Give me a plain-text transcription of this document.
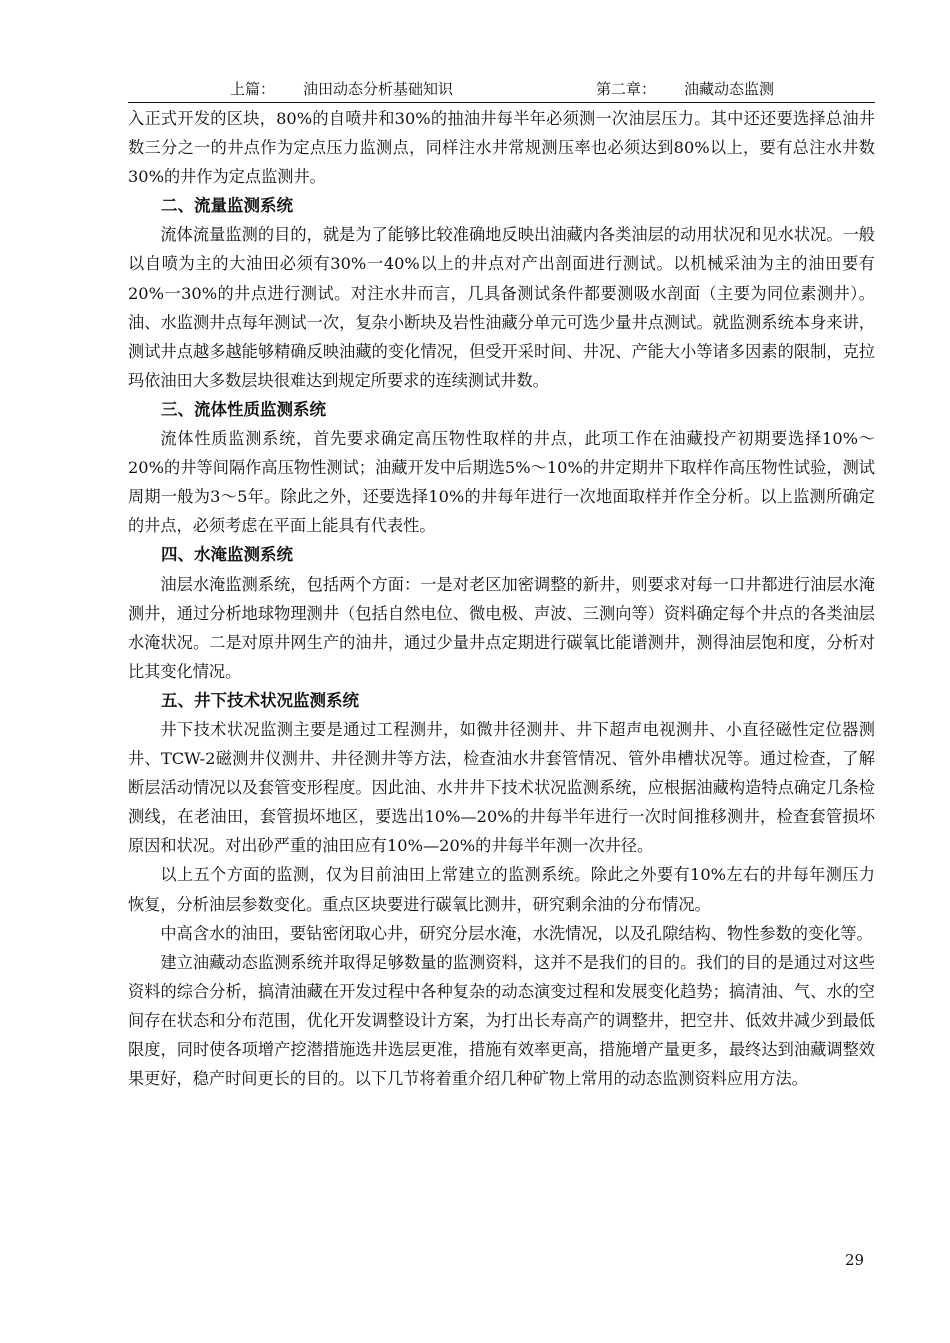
上篇： 油田动态分析基础知识	第二章： 油藏动态监测

入正式开发的区块，80%的自喷井和30%的抽油井每半年必须测一次油层压力。其中还还要选择总油井数三分之一的井点作为定点压力监测点，同样注水井常规测压率也必须达到80%以上，要有总注水井数30%的井作为定点监测井。

二、流量监测系统

流体流量监测的目的，就是为了能够比较准确地反映出油藏内各类油层的动用状况和见水状况。一般以自喷为主的大油田必须有30%一40%以上的井点对产出剖面进行测试。以机械采油为主的油田要有20%一30%的井点进行测试。对注水井而言，几具备测试条件都要测吸水剖面（主要为同位素测井）。油、水监测井点每年测试一次，复杂小断块及岩性油藏分单元可选少量井点测试。就监测系统本身来讲，测试井点越多越能够精确反映油藏的变化情况，但受开采时间、井况、产能大小等诸多因素的限制，克拉玛依油田大多数层块很难达到规定所要求的连续测试井数。

三、流体性质监测系统

流体性质监测系统，首先要求确定高压物性取样的井点，此项工作在油藏投产初期要选择10%～20%的井等间隔作高压物性测试；油藏开发中后期选5%～10%的井定期井下取样作高压物性试验，测试周期一般为3～5年。除此之外，还要选择10%的井每年进行一次地面取样并作全分析。以上监测所确定的井点，必须考虑在平面上能具有代表性。

四、水淹监测系统

油层水淹监测系统，包括两个方面：一是对老区加密调整的新井，则要求对每一口井都进行油层水淹测井，通过分析地球物理测井（包括自然电位、微电极、声波、三测向等）资料确定每个井点的各类油层水淹状况。二是对原井网生产的油井，通过少量井点定期进行碳氧比能谱测井，测得油层饱和度，分析对比其变化情况。

五、井下技术状况监测系统

井下技术状况监测主要是通过工程测井，如微井径测井、井下超声电视测井、小直径磁性定位器测井、TCW-2磁测井仪测井、井径测井等方法，检查油水井套管情况、管外串槽状况等。通过检查，了解断层活动情况以及套管变形程度。因此油、水井井下技术状况监测系统，应根据油藏构造特点确定几条检测线，在老油田，套管损坏地区，要选出10%—20%的井每半年进行一次时间推移测井，检查套管损坏原因和状况。对出砂严重的油田应有10%—20%的井每半年测一次井径。

以上五个方面的监测，仅为目前油田上常建立的监测系统。除此之外要有10%左右的井每年测压力恢复，分析油层参数变化。重点区块要进行碳氧比测井，研究剩余油的分布情况。

中高含水的油田，要钻密闭取心井，研究分层水淹，水洗情况，以及孔隙结构、物性参数的变化等。

建立油藏动态监测系统并取得足够数量的监测资料，这并不是我们的目的。我们的目的是通过对这些资料的综合分析，搞清油藏在开发过程中各种复杂的动态演变过程和发展变化趋势；搞清油、气、水的空间存在状态和分布范围，优化开发调整设计方案，为打出长寿高产的调整井，把空井、低效井减少到最低限度，同时使各项增产挖潜措施选井选层更准，措施有效率更高，措施增产量更多，最终达到油藏调整效果更好，稳产时间更长的目的。以下几节将着重介绍几种矿物上常用的动态监测资料应用方法。

29
